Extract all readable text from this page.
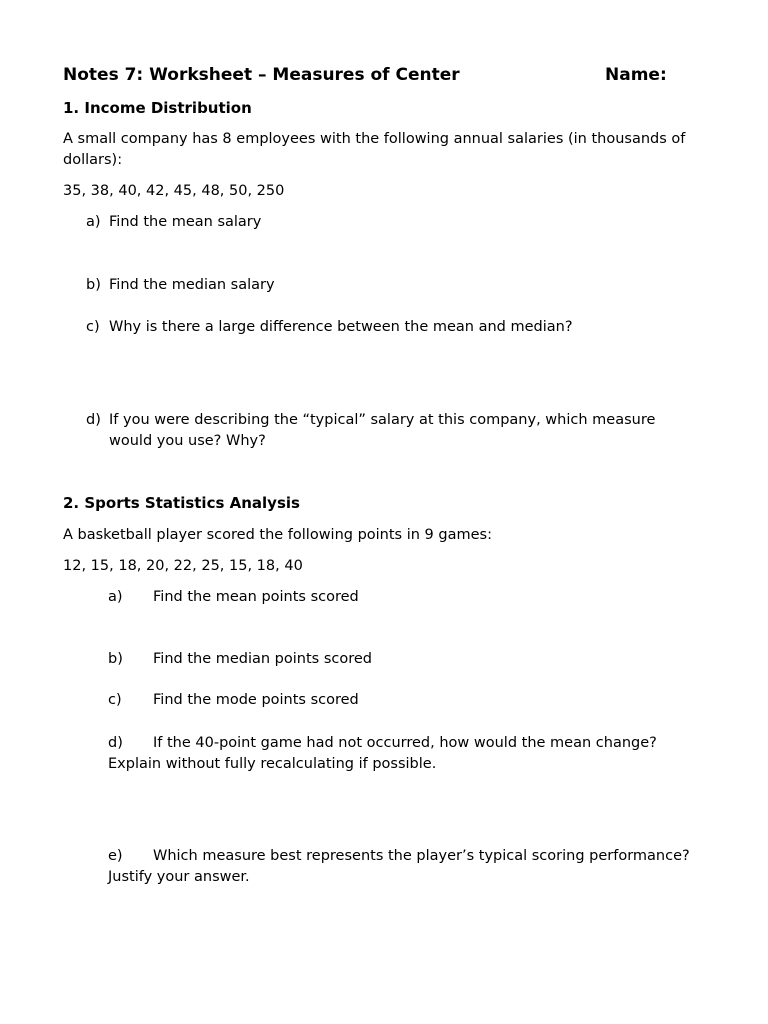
Notes 7: Worksheet – Measures of Center	Name:
1. Income Distribution
A small company has 8 employees with the following annual salaries (in thousands of dollars):
35, 38, 40, 42, 45, 48, 50, 250
a) Find the mean salary
b) Find the median salary
c) Why is there a large difference between the mean and median?
d) If you were describing the “typical” salary at this company, which measure would you use? Why?
2. Sports Statistics Analysis
A basketball player scored the following points in 9 games:
12, 15, 18, 20, 22, 25, 15, 18, 40
a) Find the mean points scored
b) Find the median points scored
c) Find the mode points scored
d) If the 40-point game had not occurred, how would the mean change? Explain without fully recalculating if possible.
e) Which measure best represents the player’s typical scoring performance? Justify your answer.
